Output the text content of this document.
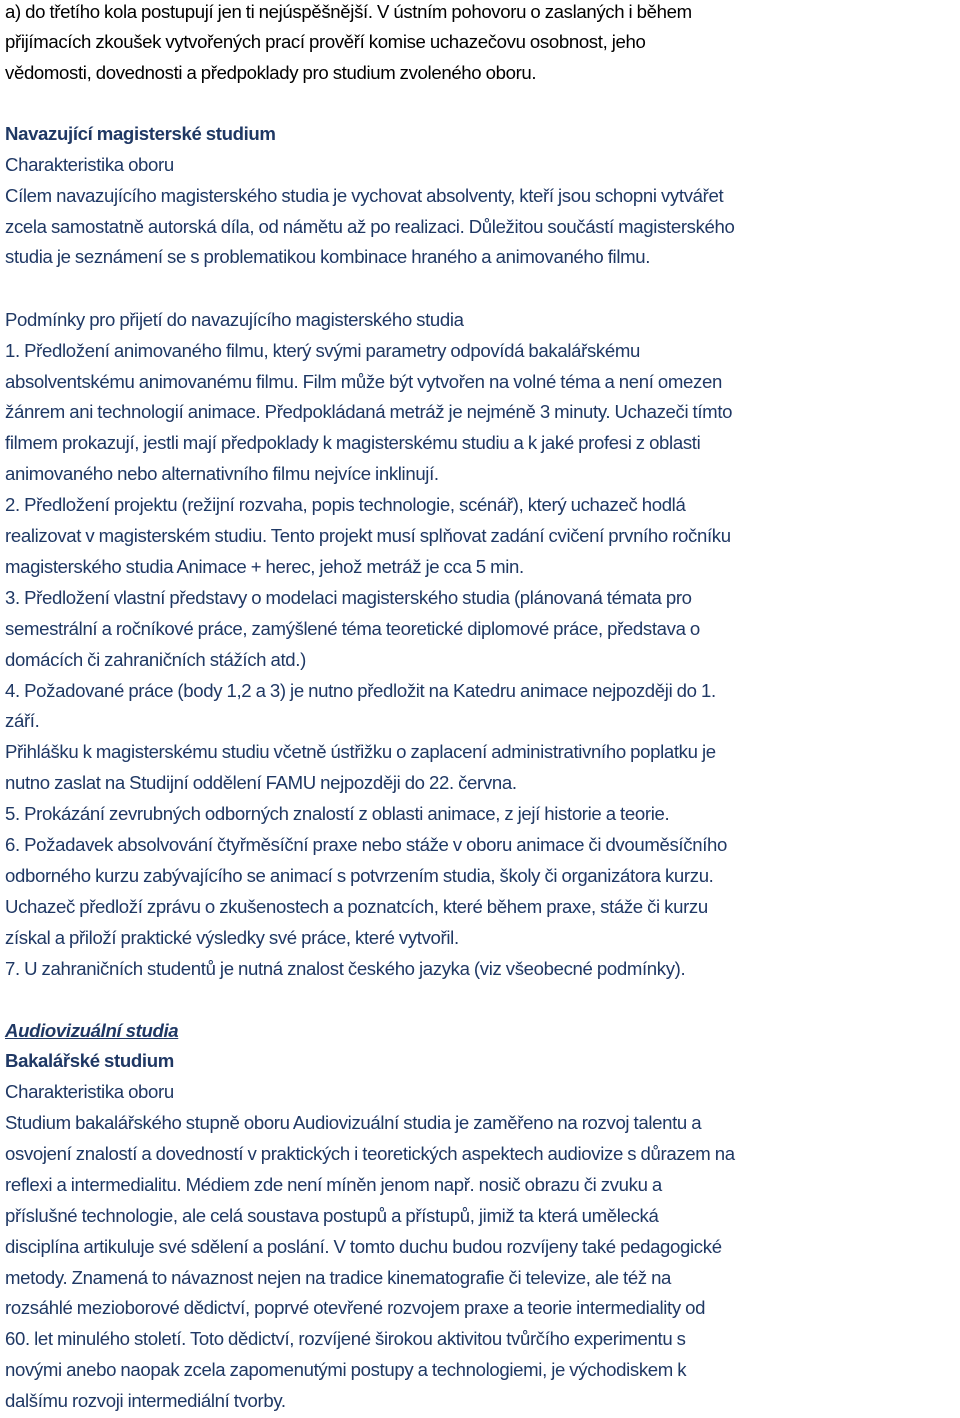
a) do třetího kola postupují jen ti nejúspěšnější. V ústním pohovoru o zaslaných i během
přijímacích zkoušek vytvořených prací prověří komise uchazečovu osobnost, jeho
vědomosti, dovednosti a předpoklady pro studium zvoleného oboru.
Navazující magisterské studium
Charakteristika oboru
Cílem navazujícího magisterského studia je vychovat absolventy, kteří jsou schopni vytvářet
zcela samostatně autorská díla, od námětu až po realizaci. Důležitou součástí magisterského
studia je seznámení se s problematikou kombinace hraného a animovaného filmu.
Podmínky pro přijetí do navazujícího magisterského studia
1. Předložení animovaného filmu, který svými parametry odpovídá bakalářskému
absolventskému animovanému filmu. Film může být vytvořen na volné téma a není omezen
žánrem ani technologií animace. Předpokládaná metráž je nejméně 3 minuty. Uchazeči tímto
filmem prokazují, jestli mají předpoklady k magisterskému studiu a k jaké profesi z oblasti
animovaného nebo alternativního filmu nejvíce inklinují.
2. Předložení projektu (režijní rozvaha, popis technologie, scénář), který uchazeč hodlá
realizovat v magisterském studiu. Tento projekt musí splňovat zadání cvičení prvního ročníku
magisterského studia Animace + herec, jehož metráž je cca 5 min.
3. Předložení vlastní představy o modelaci magisterského studia (plánovaná témata pro
semestrální a ročníkové práce, zamýšlené téma teoretické diplomové práce, představa o
domácích či zahraničních stážích atd.)
4. Požadované práce (body 1,2 a 3) je nutno předložit na Katedru animace nejpozději do 1.
září.
Přihlášku k magisterskému studiu včetně ústřižku o zaplacení administrativního poplatku je
nutno zaslat na Studijní oddělení FAMU nejpozději do 22. června.
5. Prokázání zevrubných odborných znalostí z oblasti animace, z její historie a teorie.
6. Požadavek absolvování čtyřměsíční praxe nebo stáže v oboru animace či dvouměsíčního
odborného kurzu zabývajícího se animací s potvrzením studia, školy či organizátora kurzu.
Uchazeč předloží zprávu o zkušenostech a poznatcích, které během praxe, stáže či kurzu
získal a přiloží praktické výsledky své práce, které vytvořil.
7. U zahraničních studentů je nutná znalost českého jazyka (viz všeobecné podmínky).
Audiovizuální studia
Bakalářské studium
Charakteristika oboru
Studium bakalářského stupně oboru Audiovizuální studia je zaměřeno na rozvoj talentu a
osvojení znalostí a dovedností v praktických i teoretických aspektech audiovize s důrazem na
reflexi a intermedialitu. Médiem zde není míněn jenom např. nosič obrazu či zvuku a
příslušné technologie, ale celá soustava postupů a přístupů, jimiž ta která umělecká
disciplína artikuluje své sdělení a poslání. V tomto duchu budou rozvíjeny také pedagogické
metody. Znamená to návaznost nejen na tradice kinematografie či televize, ale též na
rozsáhlé mezioborové dědictví, poprvé otevřené rozvojem praxe a teorie intermediality od
60. let minulého století. Toto dědictví, rozvíjené širokou aktivitou tvůrčího experimentu s
novými anebo naopak zcela zapomenutými postupy a technologiemi, je východiskem k
dalšímu rozvoji intermediální tvorby.
